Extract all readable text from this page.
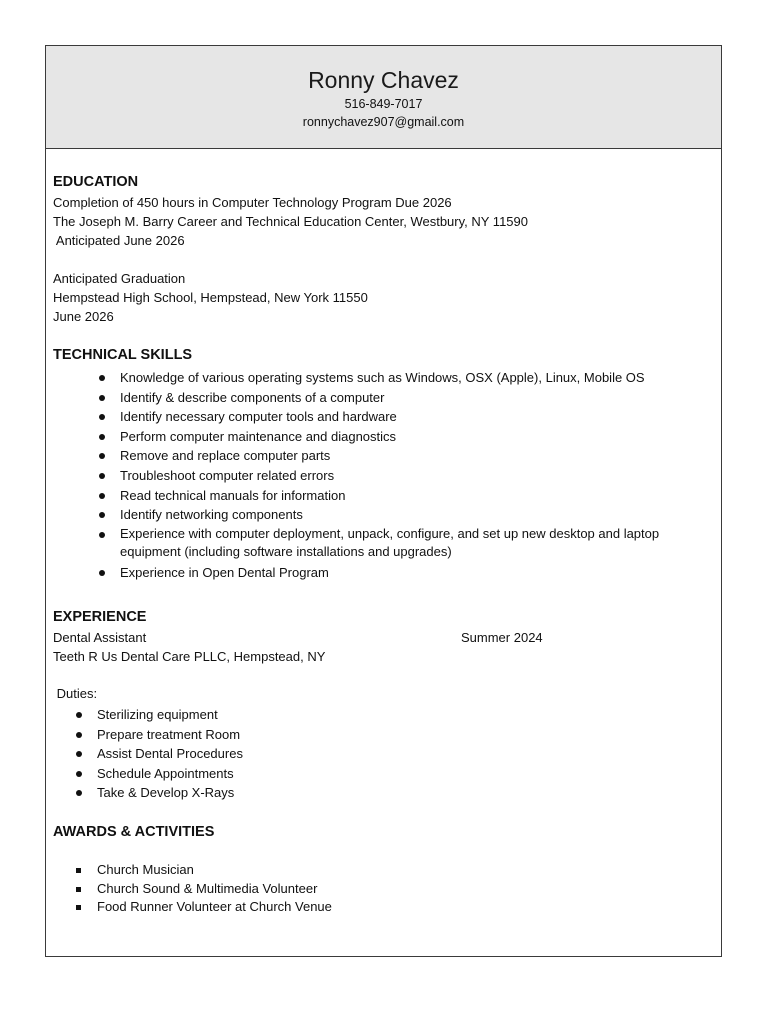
Ronny Chavez
516-849-7017
ronnychavez907@gmail.com
EDUCATION
Completion of 450 hours in Computer Technology Program Due 2026
The Joseph M. Barry Career and Technical Education Center, Westbury, NY 11590
Anticipated June 2026
Anticipated Graduation
Hempstead High School, Hempstead, New York 11550
June 2026
TECHNICAL SKILLS
Knowledge of various operating systems such as Windows, OSX (Apple), Linux, Mobile OS
Identify & describe components of a computer
Identify necessary computer tools and hardware
Perform computer maintenance and diagnostics
Remove and replace computer parts
Troubleshoot computer related errors
Read technical manuals for information
Identify networking components
Experience with computer deployment, unpack, configure, and set up new desktop and laptop equipment (including software installations and upgrades)
Experience in Open Dental Program
EXPERIENCE
Dental Assistant	Summer 2024
Teeth R Us Dental Care PLLC, Hempstead, NY
Duties:
Sterilizing equipment
Prepare treatment Room
Assist Dental Procedures
Schedule Appointments
Take & Develop X-Rays
AWARDS & ACTIVITIES
Church Musician
Church Sound & Multimedia Volunteer
Food Runner Volunteer at Church Venue
